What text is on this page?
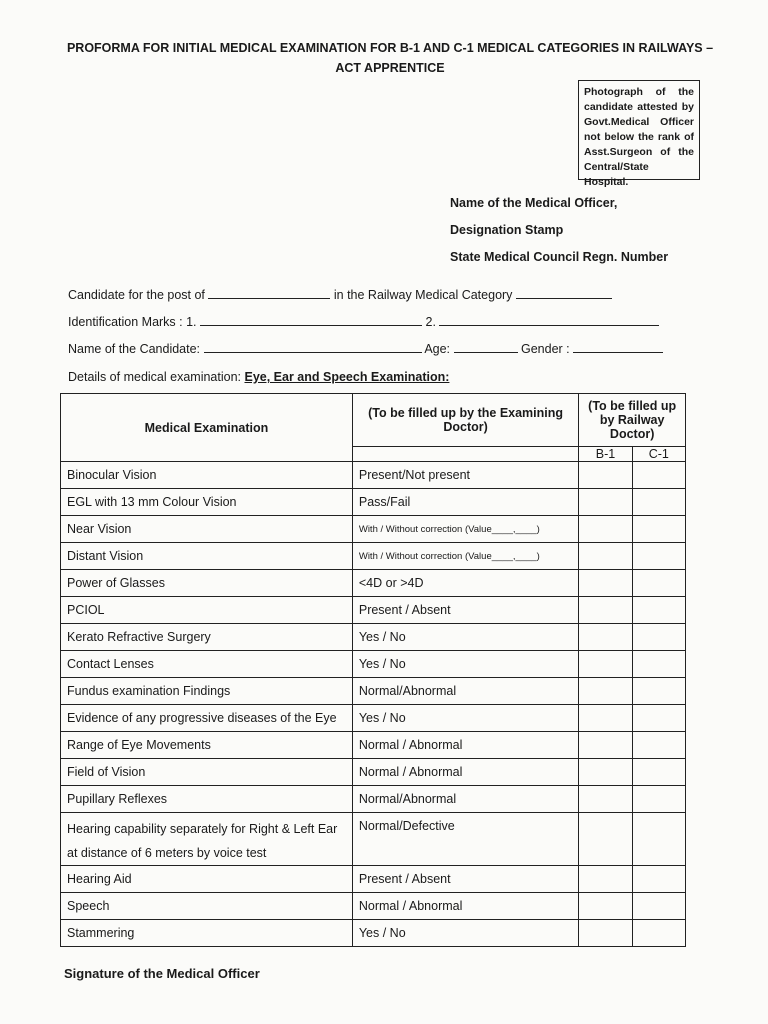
PROFORMA FOR INITIAL MEDICAL EXAMINATION FOR B-1 AND C-1 MEDICAL CATEGORIES IN RAILWAYS –
ACT APPRENTICE
Photograph of the candidate attested by Govt.Medical Officer not below the rank of Asst.Surgeon of the Central/State Hospital.
Name of the Medical Officer,
Designation Stamp
State Medical Council Regn. Number
Candidate for the post of	in the Railway Medical Category
Identification Marks : 1.	2.
Name of the Candidate:	Age:	Gender :
Details of medical examination: Eye, Ear and Speech Examination:
Medical Examination	(To be filled up by the Examining Doctor)	(To be filled up by Railway Doctor)	
		B-1	C-1
Binocular Vision	Present/Not present		
EGL with 13 mm Colour Vision	Pass/Fail		
Near Vision	With / Without correction (Value____,____)		
Distant Vision	With / Without correction (Value____,____)		
Power of Glasses	<4D or >4D		
PCIOL	Present / Absent		
Kerato Refractive Surgery	Yes / No		
Contact Lenses	Yes / No		
Fundus examination Findings	Normal/Abnormal		
Evidence of any progressive diseases of the Eye	Yes / No		
Range of Eye Movements	Normal / Abnormal		
Field of Vision	Normal / Abnormal		
Pupillary Reflexes	Normal/Abnormal		
Hearing capability separately for Right & Left Ear at distance of 6 meters by voice test	Normal/Defective		
Hearing Aid	Present / Absent		
Speech	Normal / Abnormal		
Stammering	Yes / No		
Signature of the Medical Officer
